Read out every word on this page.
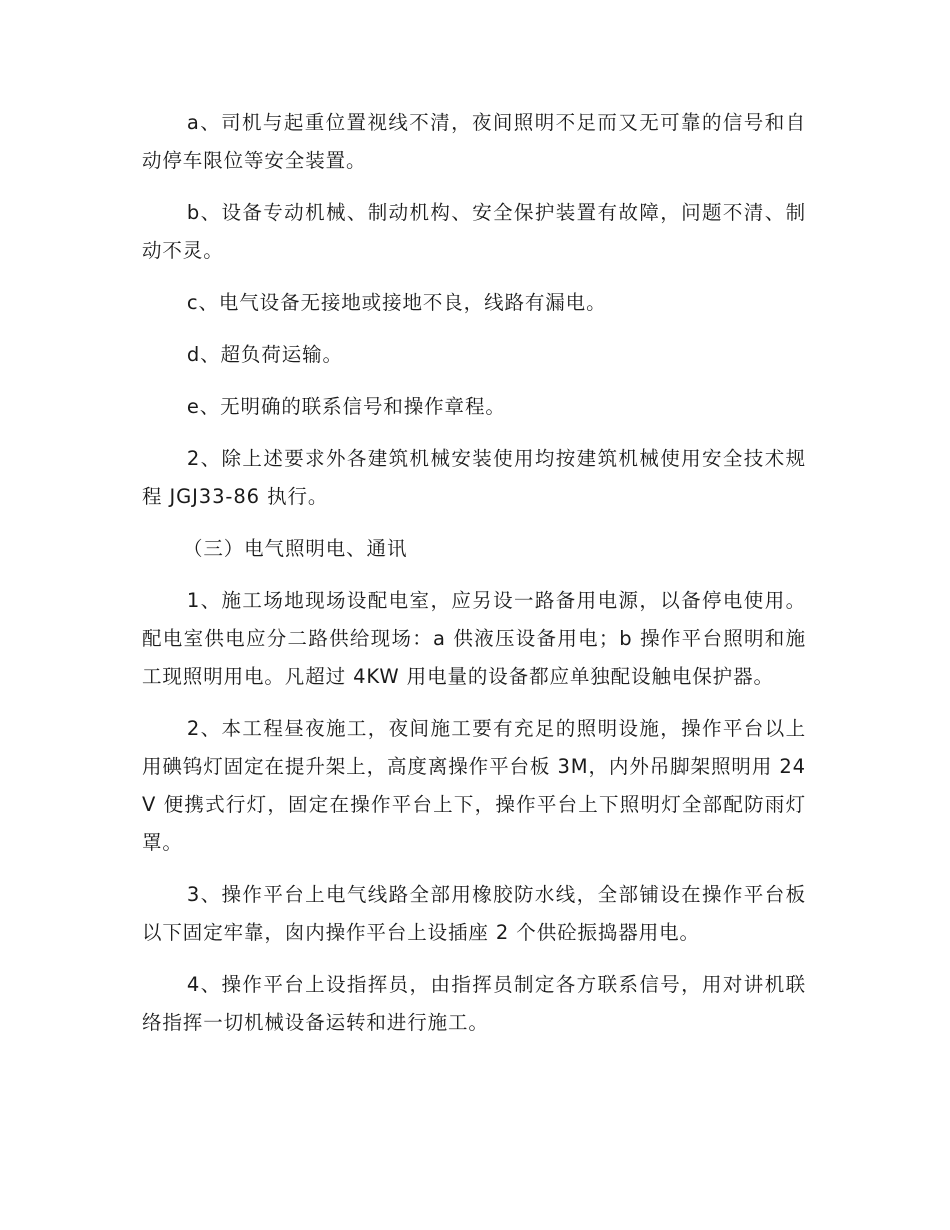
a、司机与起重位置视线不清，夜间照明不足而又无可靠的信号和自动停车限位等安全装置。

b、设备专动机械、制动机构、安全保护装置有故障，问题不清、制动不灵。

c、电气设备无接地或接地不良，线路有漏电。

d、超负荷运输。

e、无明确的联系信号和操作章程。

2、除上述要求外各建筑机械安装使用均按建筑机械使用安全技术规程 JGJ33-86 执行。

（三）电气照明电、通讯

1、施工场地现场设配电室，应另设一路备用电源，以备停电使用。配电室供电应分二路供给现场：a 供液压设备用电；b 操作平台照明和施工现照明用电。凡超过 4KW 用电量的设备都应单独配设触电保护器。

2、本工程昼夜施工，夜间施工要有充足的照明设施，操作平台以上用碘钨灯固定在提升架上，高度离操作平台板 3M，内外吊脚架照明用 24V 便携式行灯，固定在操作平台上下，操作平台上下照明灯全部配防雨灯罩。

3、操作平台上电气线路全部用橡胶防水线，全部铺设在操作平台板以下固定牢靠，囱内操作平台上设插座 2 个供砼振捣器用电。

4、操作平台上设指挥员，由指挥员制定各方联系信号，用对讲机联络指挥一切机械设备运转和进行施工。
